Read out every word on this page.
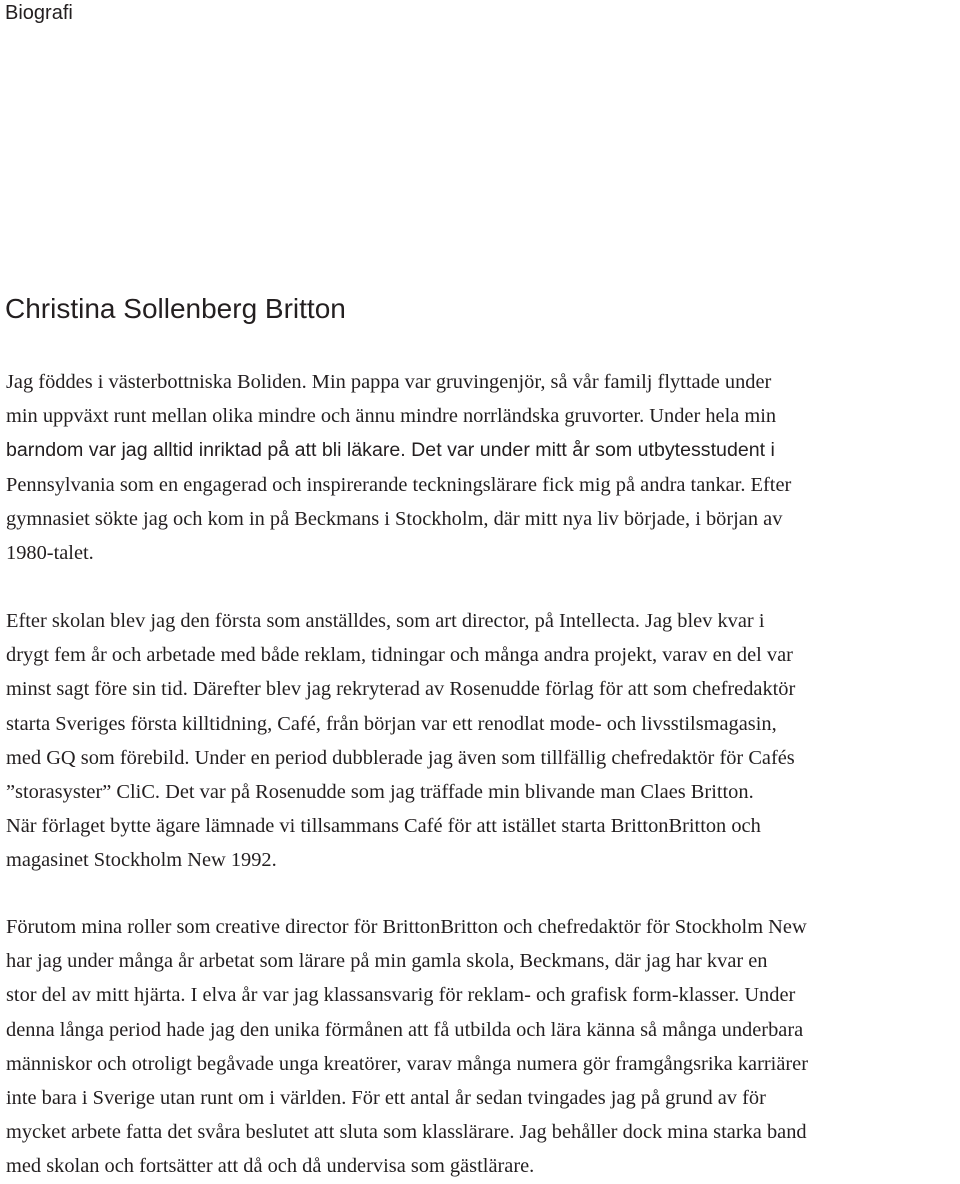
Biografi
Christina Sollenberg Britton
Jag föddes i västerbottniska Boliden. Min pappa var gruvingenjör, så vår familj flyttade under
min uppväxt runt mellan olika mindre och ännu mindre norrländska gruvorter. Under hela min
barndom var jag alltid inriktad på att bli läkare. Det var under mitt år som utbytesstudent i
Pennsylvania som en engagerad och inspirerande teckningslärare fick mig på andra tankar. Efter
gymnasiet sökte jag och kom in på Beckmans i Stockholm, där mitt nya liv började, i början av
1980-talet.
Efter skolan blev jag den första som anställdes, som art director, på Intellecta. Jag blev kvar i
drygt fem år och arbetade med både reklam, tidningar och många andra projekt, varav en del var
minst sagt före sin tid. Därefter blev jag rekryterad av Rosenudde förlag för att som chefredaktör
starta Sveriges första killtidning, Café, från början var ett renodlat mode- och livsstilsmagasin,
med GQ som förebild. Under en period dubblerade jag även som tillfällig chefredaktör för Cafés
”storasyster” CliC. Det var på Rosenudde som jag träffade min blivande man Claes Britton.
När förlaget bytte ägare lämnade vi tillsammans Café för att istället starta BrittonBritton och
magasinet Stockholm New 1992.
Förutom mina roller som creative director för BrittonBritton och chefredaktör för Stockholm New
har jag under många år arbetat som lärare på min gamla skola, Beckmans, där jag har kvar en
stor del av mitt hjärta. I elva år var jag klassansvarig för reklam- och grafisk form-klasser. Under
denna långa period hade jag den unika förmånen att få utbilda och lära känna så många underbara
människor och otroligt begåvade unga kreatörer, varav många numera gör framgångsrika karriärer
inte bara i Sverige utan runt om i världen. För ett antal år sedan tvingades jag på grund av för
mycket arbete fatta det svåra beslutet att sluta som klasslärare. Jag behåller dock mina starka band
med skolan och fortsätter att då och då undervisa som gästlärare.
